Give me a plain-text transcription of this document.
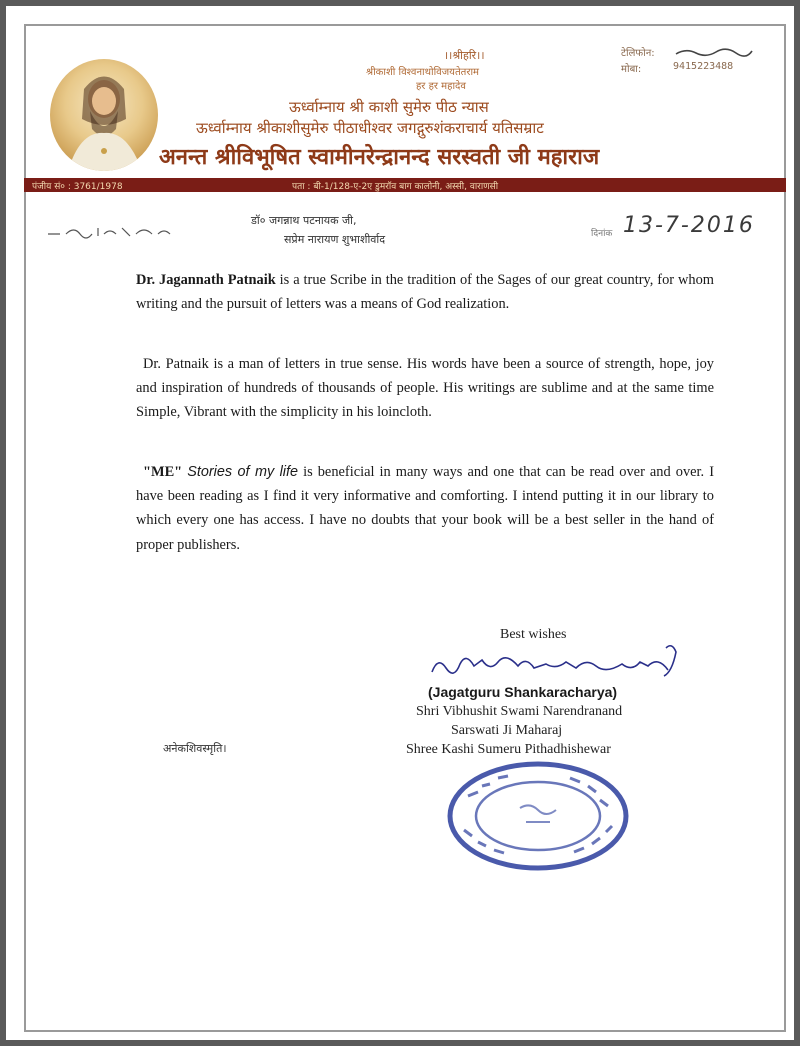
।।श्रीहरि।।
श्रीकाशी विश्वनाथोविजयतेतराम
हर हर महादेव
टेलिफोन:
मोबा:	9415223488
ऊर्ध्वाम्नाय श्री काशी सुमेरु पीठ न्यास
ऊर्ध्वाम्नाय श्रीकाशीसुमेरु पीठाधीश्वर जगद्गुरुशंकराचार्य यतिसम्राट
अनन्त श्रीविभूषित स्वामीनरेन्द्रानन्द सरस्वती जी महाराज
पंजीय सं० : 3761/1978	पता : बी-1/128-ए-2ए डुमरॉव बाग कालोनी, अस्सी, वाराणसी
डॉ० जगन्नाथ पटनायक जी,
सप्रेम नारायण शुभाशीर्वाद	दिनांक 13-7-2016
Dr. Jagannath Patnaik is a true Scribe in the tradition of the Sages of our great country, for whom writing and the pursuit of letters was a means of God realization.
Dr. Patnaik is a man of letters in true sense. His words have been a source of strength, hope, joy and inspiration of hundreds of thousands of people. His writings are sublime and at the same time Simple, Vibrant with the simplicity in his loincloth.
"ME" Stories of my life is beneficial in many ways and one that can be read over and over. I have been reading as I find it very informative and comforting. I intend putting it in our library to which every one has access. I have no doubts that your book will be a best seller in the hand of proper publishers.
Best wishes
(Jagatguru Shankaracharya)
Shri Vibhushit Swami Narendranand
Sarswati Ji Maharaj
Shree Kashi Sumeru Pithadhishewar
अनेकशिवस्मृति।
